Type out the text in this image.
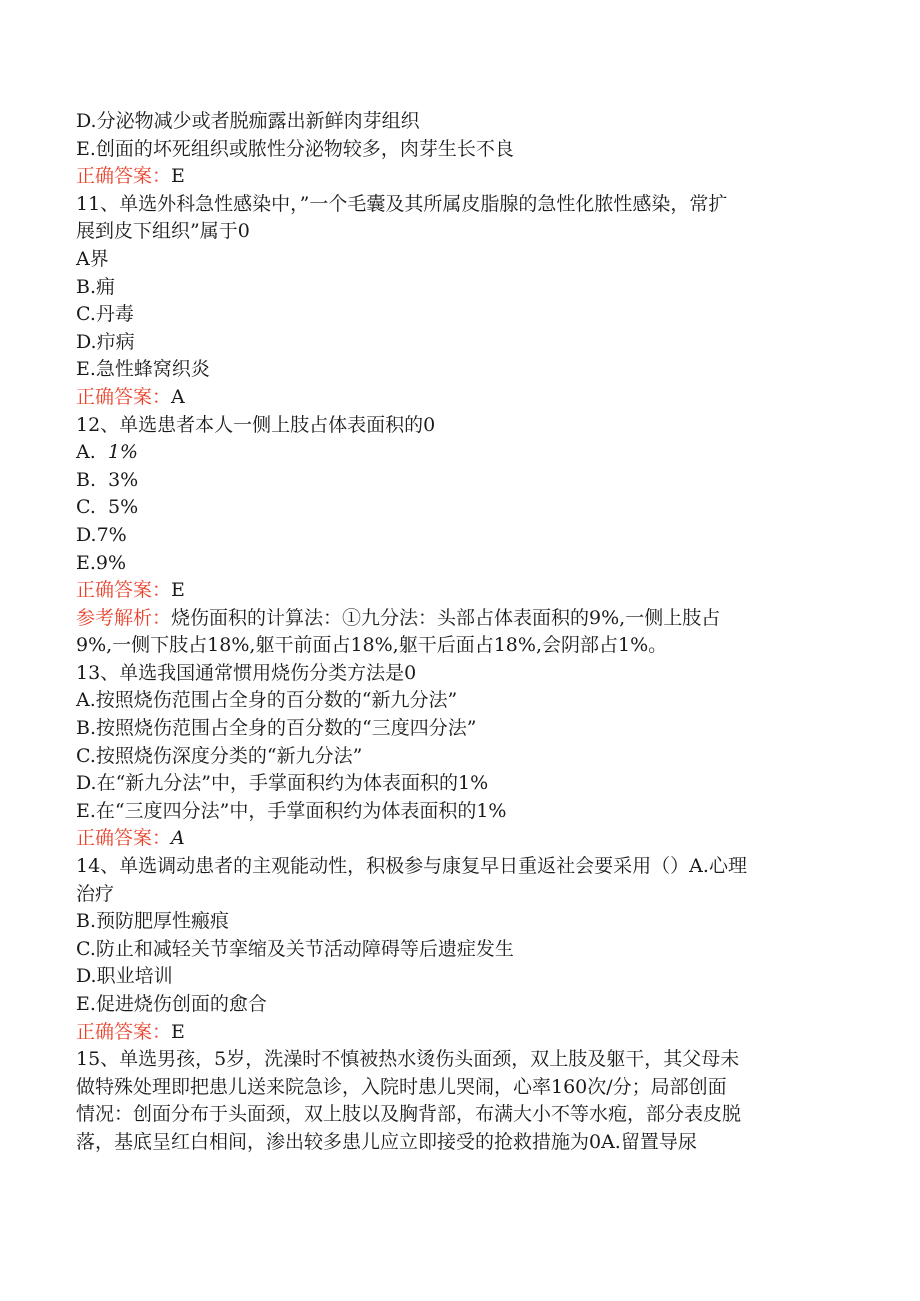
D.分泌物减少或者脱痂露出新鲜肉芽组织
E.创面的坏死组织或脓性分泌物较多，肉芽生长不良
正确答案：E
11、单选外科急性感染中，”一个毛囊及其所属皮脂腺的急性化脓性感染，常扩
展到皮下组织”属于0
A界
B.痈
C.丹毒
D.疖病
E.急性蜂窝织炎
正确答案：A
12、单选患者本人一侧上肢占体表面积的0
A.  1%
B.  3%
C.  5%
D.7%
E.9%
正确答案：E
参考解析：烧伤面积的计算法：①九分法：头部占体表面积的9%,一侧上肢占
9%,一侧下肢占18%,躯干前面占18%,躯干后面占18%,会阴部占1%。
13、单选我国通常惯用烧伤分类方法是0
A.按照烧伤范围占全身的百分数的“新九分法”
B.按照烧伤范围占全身的百分数的“三度四分法”
C.按照烧伤深度分类的“新九分法”
D.在“新九分法”中，手掌面积约为体表面积的1%
E.在“三度四分法”中，手掌面积约为体表面积的1%
正确答案：A
14、单选调动患者的主观能动性，积极参与康复早日重返社会要采用（）A.心理
治疗
B.预防肥厚性瘢痕
C.防止和减轻关节挛缩及关节活动障碍等后遗症发生
D.职业培训
E.促进烧伤创面的愈合
正确答案：E
15、单选男孩，5岁，洗澡时不慎被热水烫伤头面颈，双上肢及躯干，其父母未
做特殊处理即把患儿送来院急诊，入院时患儿哭闹，心率160次/分；局部创面
情况：创面分布于头面颈，双上肢以及胸背部，布满大小不等水疱，部分表皮脱
落，基底呈红白相间，渗出较多患儿应立即接受的抢救措施为0A.留置导尿
